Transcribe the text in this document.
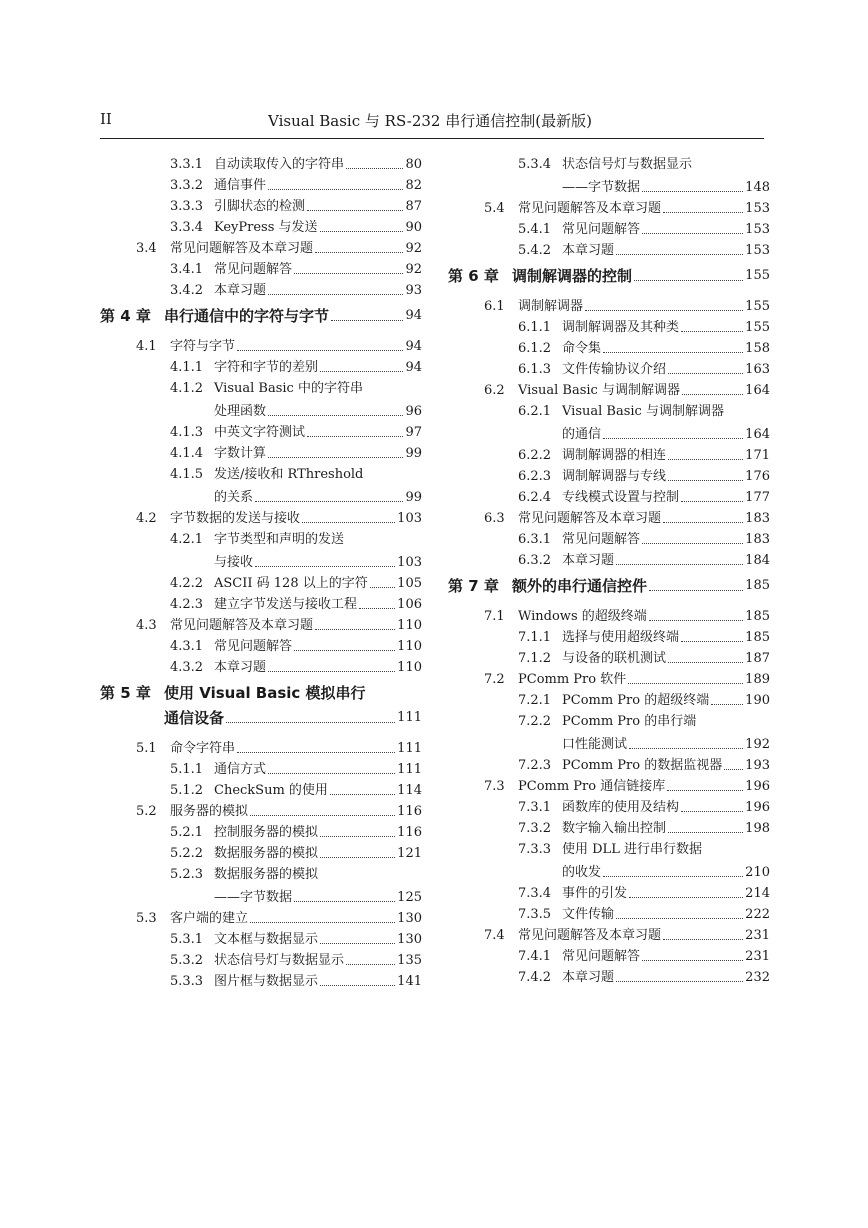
II	Visual Basic 与 RS-232 串行通信控制(最新版)
3.3.1 自动读取传入的字符串	80
3.3.2 通信事件	82
3.3.3 引脚状态的检测	87
3.3.4 KeyPress 与发送	90
3.4	常见问题解答及本章习题	92
3.4.1 常见问题解答	92
3.4.2 本章习题	93
第 4 章 串行通信中的字符与字节	94
4.1	字符与字节	94
4.1.1 字符和字节的差别	94
4.1.2 Visual Basic 中的字符串
处理函数	96
4.1.3 中英文字符测试	97
4.1.4 字数计算	99
4.1.5 发送/接收和 RThreshold
的关系	99
4.2	字节数据的发送与接收	103
4.2.1 字节类型和声明的发送
与接收	103
4.2.2 ASCII 码 128 以上的字符 105
4.2.3 建立字节发送与接收工程	106
4.3	常见问题解答及本章习题	110
4.3.1 常见问题解答	110
4.3.2 本章习题	110
第 5 章 使用 Visual Basic 模拟串行
通信设备	111
5.1	命令字符串	111
5.1.1 通信方式	111
5.1.2 CheckSum 的使用	114
5.2	服务器的模拟	116
5.2.1 控制服务器的模拟	116
5.2.2 数据服务器的模拟	121
5.2.3 数据服务器的模拟
——字节数据	125
5.3	客户端的建立	130
5.3.1 文本框与数据显示	130
5.3.2 状态信号灯与数据显示	135
5.3.3 图片框与数据显示	141
5.3.4 状态信号灯与数据显示
——字节数据	148
5.4	常见问题解答及本章习题	153
5.4.1 常见问题解答	153
5.4.2 本章习题	153
第 6 章 调制解调器的控制	155
6.1	调制解调器	155
6.1.1 调制解调器及其种类	155
6.1.2 命令集	158
6.1.3 文件传输协议介绍	163
6.2	Visual Basic 与调制解调器	164
6.2.1 Visual Basic 与调制解调器
的通信	164
6.2.2 调制解调器的相连	171
6.2.3 调制解调器与专线	176
6.2.4 专线模式设置与控制	177
6.3	常见问题解答及本章习题	183
6.3.1 常见问题解答	183
6.3.2 本章习题	184
第 7 章 额外的串行通信控件	185
7.1	Windows 的超级终端	185
7.1.1 选择与使用超级终端	185
7.1.2 与设备的联机测试	187
7.2	PComm Pro 软件	189
7.2.1 PComm Pro 的超级终端	190
7.2.2 PComm Pro 的串行端
口性能测试	192
7.2.3 PComm Pro 的数据监视器 193
7.3	PComm Pro 通信链接库	196
7.3.1 函数库的使用及结构	196
7.3.2 数字输入输出控制	198
7.3.3 使用 DLL 进行串行数据
的收发	210
7.3.4 事件的引发	214
7.3.5 文件传输	222
7.4	常见问题解答及本章习题	231
7.4.1 常见问题解答	231
7.4.2 本章习题	232
